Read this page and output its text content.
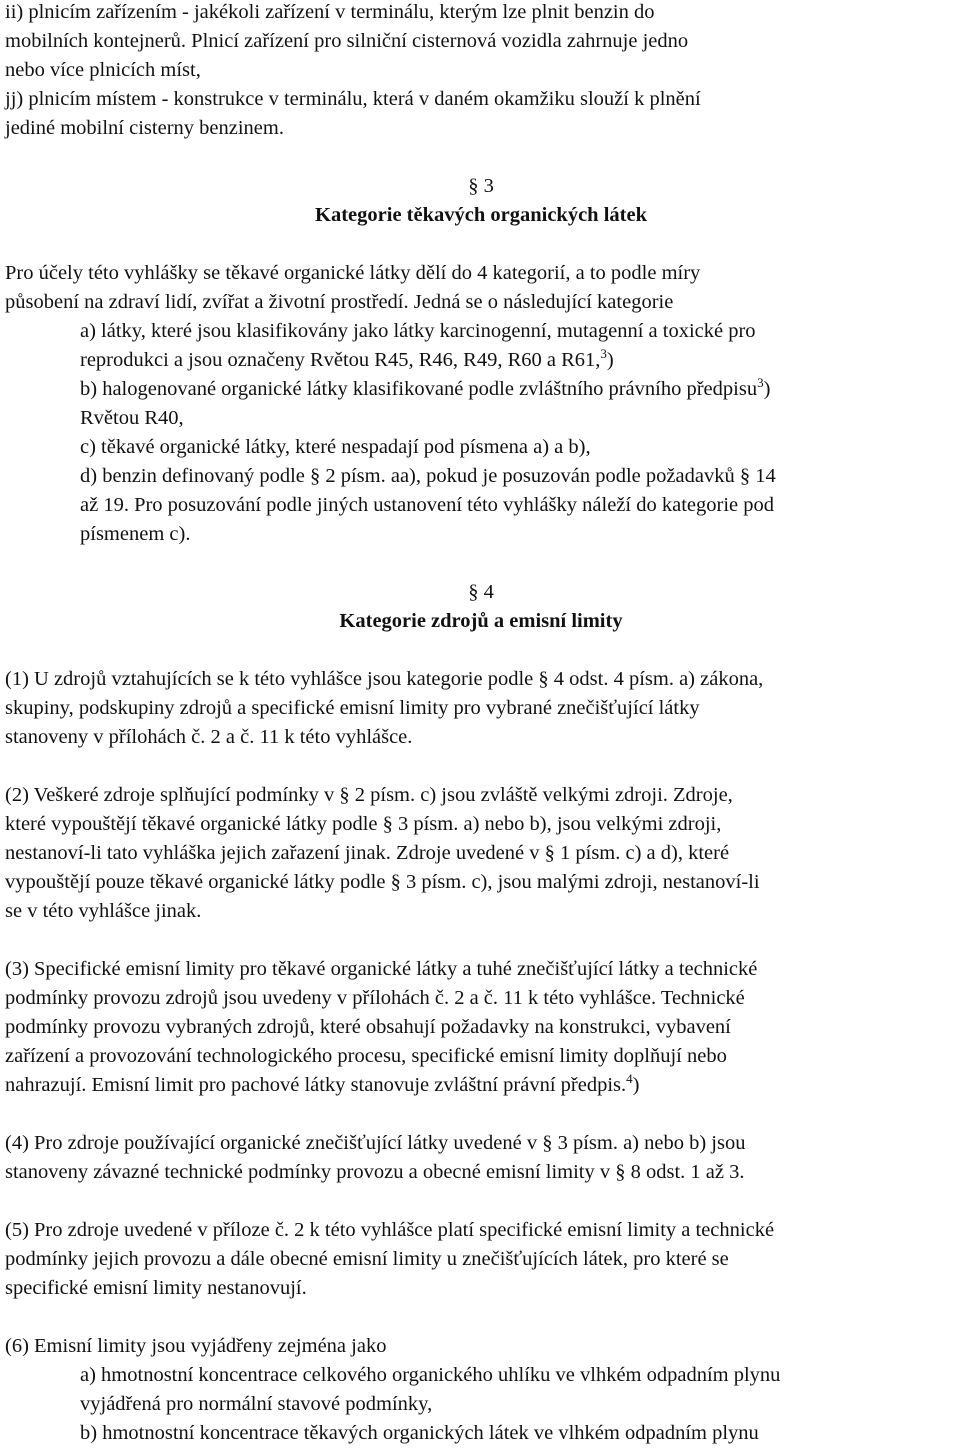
ii) plnicím zařízením - jakékoli zařízení v terminálu, kterým lze plnit benzin do

mobilních kontejnerů. Plnicí zařízení pro silniční cisternová vozidla zahrnuje jedno

nebo více plnicích míst,

jj) plnicím místem - konstrukce v terminálu, která v daném okamžiku slouží k plnění

jediné mobilní cisterny benzinem.

§ 3

Kategorie těkavých organických látek

Pro účely této vyhlášky se těkavé organické látky dělí do 4 kategorií, a to podle míry

působení na zdraví lidí, zvířat a životní prostředí. Jedná se o následující kategorie

a) látky, které jsou klasifikovány jako látky karcinogenní, mutagenní a toxické pro

reprodukci a jsou označeny Rvětou R45, R46, R49, R60 a R61,$^3$)

b) halogenované organické látky klasifikované podle zvláštního právního předpisu$^3$)

Rvětou R40,

c) těkavé organické látky, které nespadají pod písmena a) a b),

d) benzin definovaný podle § 2 písm. aa), pokud je posuzován podle požadavků § 14

až 19. Pro posuzování podle jiných ustanovení této vyhlášky náleží do kategorie pod

písmenem c).

§ 4

Kategorie zdrojů a emisní limity

(1) U zdrojů vztahujících se k této vyhlášce jsou kategorie podle § 4 odst. 4 písm. a) zákona,

skupiny, podskupiny zdrojů a specifické emisní limity pro vybrané znečišťující látky

stanoveny v přílohách č. 2 a č. 11 k této vyhlášce.

(2) Veškeré zdroje splňující podmínky v § 2 písm. c) jsou zvláště velkými zdroji. Zdroje,

které vypouštějí těkavé organické látky podle § 3 písm. a) nebo b), jsou velkými zdroji,

nestanoví-li tato vyhláška jejich zařazení jinak. Zdroje uvedené v § 1 písm. c) a d), které

vypouštějí pouze těkavé organické látky podle § 3 písm. c), jsou malými zdroji, nestanoví-li

se v této vyhlášce jinak.

(3) Specifické emisní limity pro těkavé organické látky a tuhé znečišťující látky a technické

podmínky provozu zdrojů jsou uvedeny v přílohách č. 2 a č. 11 k této vyhlášce. Technické

podmínky provozu vybraných zdrojů, které obsahují požadavky na konstrukci, vybavení

zařízení a provozování technologického procesu, specifické emisní limity doplňují nebo

nahrazují. Emisní limit pro pachové látky stanovuje zvláštní právní předpis.$^4$)

(4) Pro zdroje používající organické znečišťující látky uvedené v § 3 písm. a) nebo b) jsou

stanoveny závazné technické podmínky provozu a obecné emisní limity v § 8 odst. 1 až 3.

(5) Pro zdroje uvedené v příloze č. 2 k této vyhlášce platí specifické emisní limity a technické

podmínky jejich provozu a dále obecné emisní limity u znečišťujících látek, pro které se

specifické emisní limity nestanovují.

(6) Emisní limity jsou vyjádřeny zejména jako

a) hmotnostní koncentrace celkového organického uhlíku ve vlhkém odpadním plynu

vyjádřená pro normální stavové podmínky,

b) hmotnostní koncentrace těkavých organických látek ve vlhkém odpadním plynu
